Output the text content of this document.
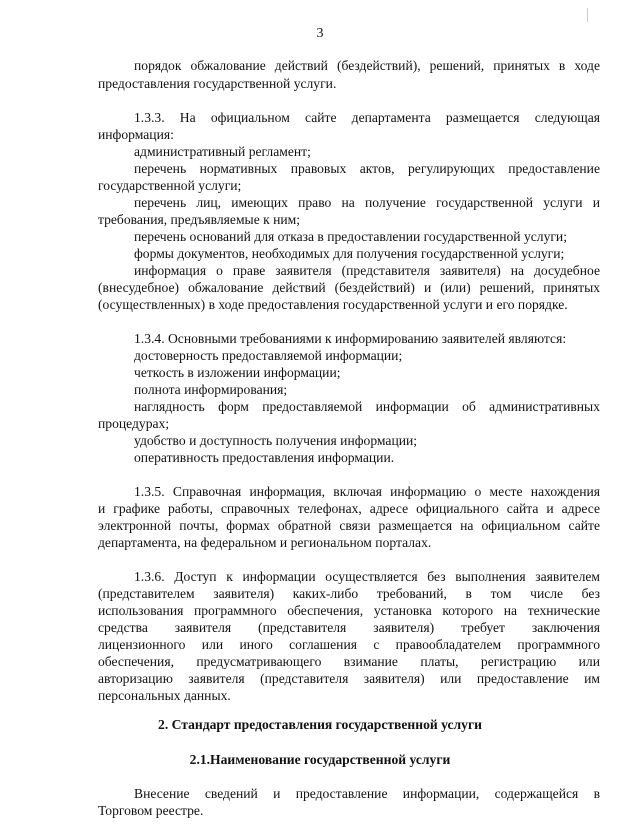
3
порядок обжалование действий (бездействий), решений, принятых в ходе
предоставления государственной услуги.
1.3.3. На официальном сайте департамента размещается следующая
информация:
административный регламент;
перечень нормативных правовых актов, регулирующих предоставление
государственной услуги;
перечень лиц, имеющих право на получение государственной услуги и
требования, предъявляемые к ним;
перечень оснований для отказа в предоставлении государственной услуги;
формы документов, необходимых для получения государственной услуги;
информация о праве заявителя (представителя заявителя) на досудебное
(внесудебное) обжалование действий (бездействий) и (или) решений, принятых
(осуществленных) в ходе предоставления государственной услуги и его порядке.
1.3.4. Основными требованиями к информированию заявителей являются:
достоверность предоставляемой информации;
четкость в изложении информации;
полнота информирования;
наглядность форм предоставляемой информации об административных
процедурах;
удобство и доступность получения информации;
оперативность предоставления информации.
1.3.5. Справочная информация, включая информацию о месте нахождения
и графике работы, справочных телефонах, адресе официального сайта и адресе
электронной почты, формах обратной связи размещается на официальном сайте
департамента, на федеральном и региональном порталах.
1.3.6. Доступ к информации осуществляется без выполнения заявителем
(представителем заявителя) каких-либо требований, в том числе без
использования программного обеспечения, установка которого на технические
средства заявителя (представителя заявителя) требует заключения
лицензионного или иного соглашения с правообладателем программного
обеспечения, предусматривающего взимание платы, регистрацию или
авторизацию заявителя (представителя заявителя) или предоставление им
персональных данных.
2. Стандарт предоставления государственной услуги
2.1.Наименование государственной услуги
Внесение сведений и предоставление информации, содержащейся в
Торговом реестре.
